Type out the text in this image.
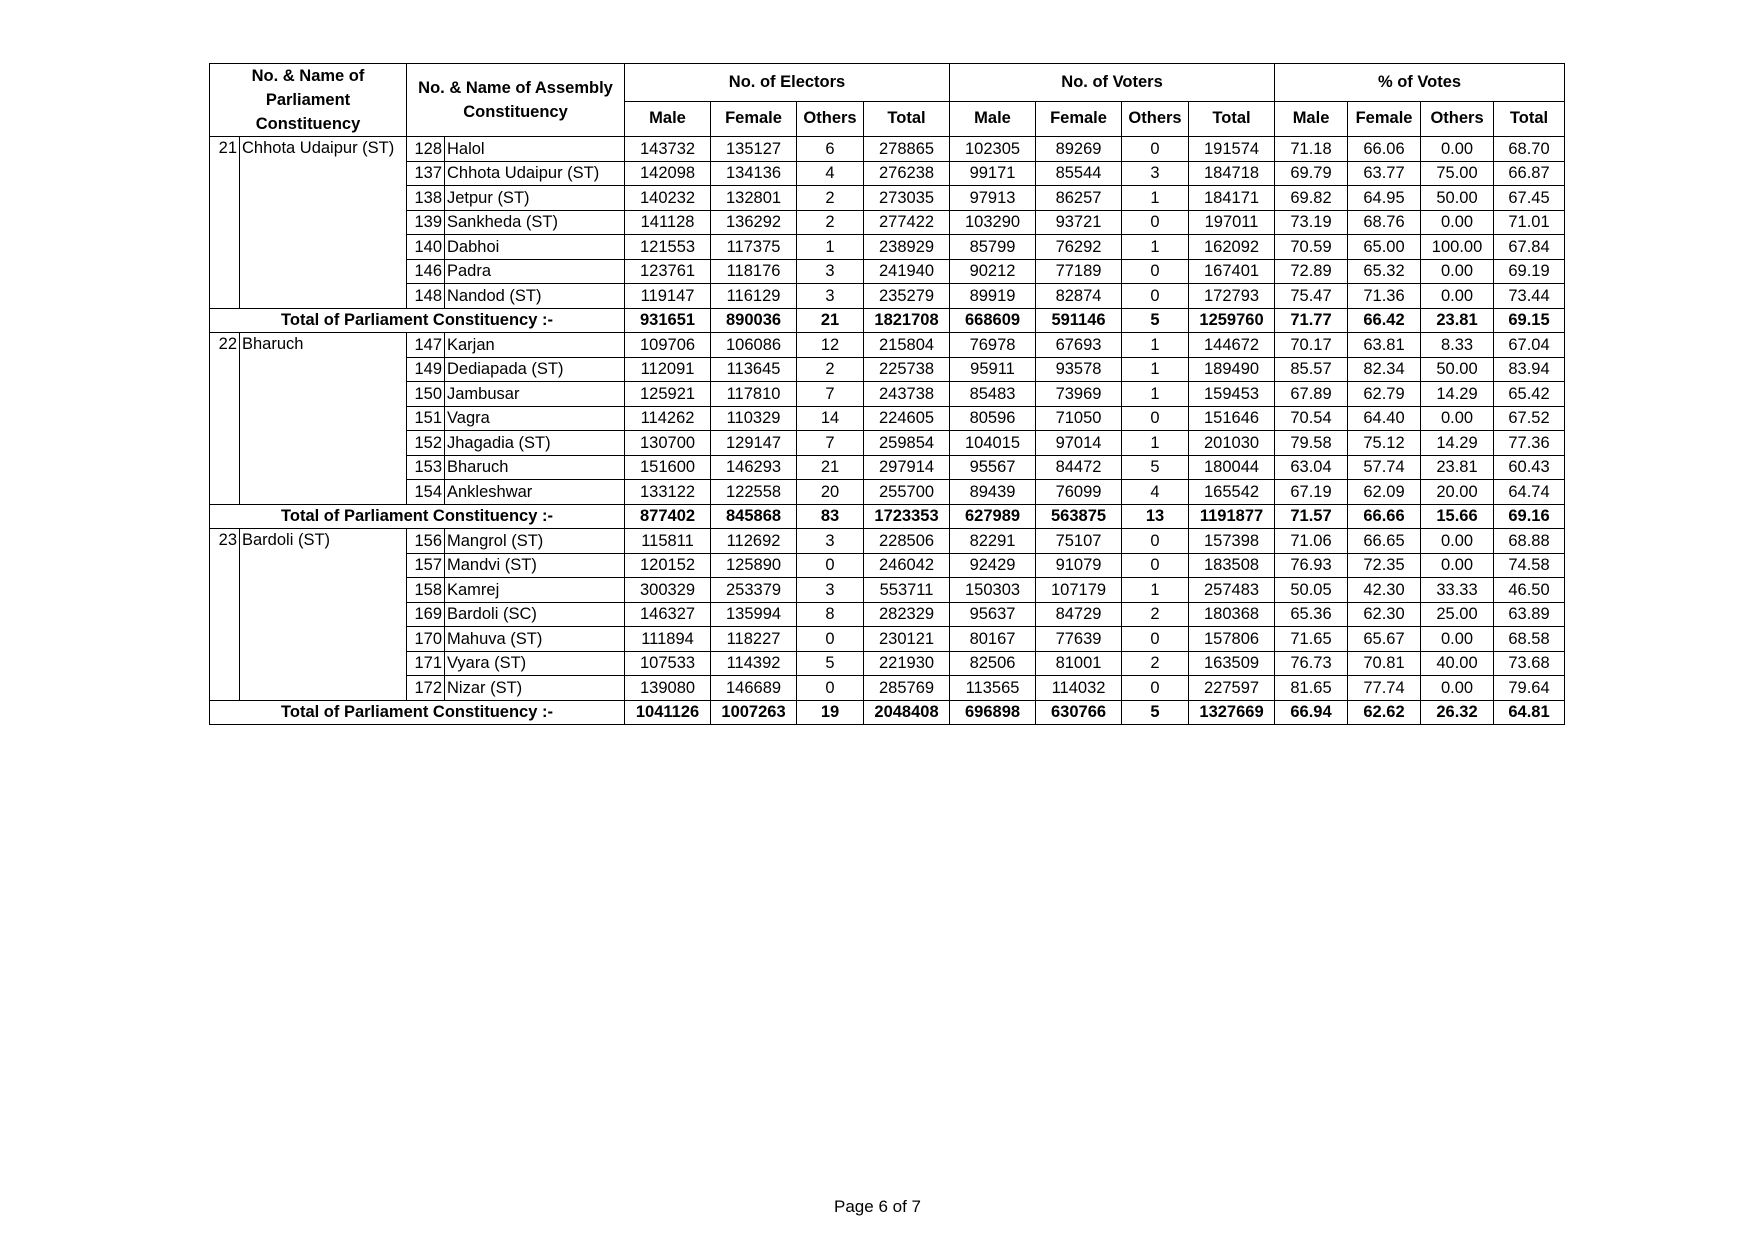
No. & Name of Parliament Constituency		No. & Name of Assembly Constituency		No. of Electors				No. of Voters				% of Votes			
				Male	Female	Others	Total	Male	Female	Others	Total	Male	Female	Others	Total
21	Chhota Udaipur (ST)	128	Halol	143732	135127	6	278865	102305	89269	0	191574	71.18	66.06	0.00	68.70
		137	Chhota Udaipur (ST)	142098	134136	4	276238	99171	85544	3	184718	69.79	63.77	75.00	66.87
		138	Jetpur (ST)	140232	132801	2	273035	97913	86257	1	184171	69.82	64.95	50.00	67.45
		139	Sankheda (ST)	141128	136292	2	277422	103290	93721	0	197011	73.19	68.76	0.00	71.01
		140	Dabhoi	121553	117375	1	238929	85799	76292	1	162092	70.59	65.00	100.00	67.84
		146	Padra	123761	118176	3	241940	90212	77189	0	167401	72.89	65.32	0.00	69.19
		148	Nandod (ST)	119147	116129	3	235279	89919	82874	0	172793	75.47	71.36	0.00	73.44
Total of Parliament Constituency :-				931651	890036	21	1821708	668609	591146	5	1259760	71.77	66.42	23.81	69.15
22	Bharuch	147	Karjan	109706	106086	12	215804	76978	67693	1	144672	70.17	63.81	8.33	67.04
		149	Dediapada (ST)	112091	113645	2	225738	95911	93578	1	189490	85.57	82.34	50.00	83.94
		150	Jambusar	125921	117810	7	243738	85483	73969	1	159453	67.89	62.79	14.29	65.42
		151	Vagra	114262	110329	14	224605	80596	71050	0	151646	70.54	64.40	0.00	67.52
		152	Jhagadia (ST)	130700	129147	7	259854	104015	97014	1	201030	79.58	75.12	14.29	77.36
		153	Bharuch	151600	146293	21	297914	95567	84472	5	180044	63.04	57.74	23.81	60.43
		154	Ankleshwar	133122	122558	20	255700	89439	76099	4	165542	67.19	62.09	20.00	64.74
Total of Parliament Constituency :-				877402	845868	83	1723353	627989	563875	13	1191877	71.57	66.66	15.66	69.16
23	Bardoli (ST)	156	Mangrol (ST)	115811	112692	3	228506	82291	75107	0	157398	71.06	66.65	0.00	68.88
		157	Mandvi (ST)	120152	125890	0	246042	92429	91079	0	183508	76.93	72.35	0.00	74.58
		158	Kamrej	300329	253379	3	553711	150303	107179	1	257483	50.05	42.30	33.33	46.50
		169	Bardoli (SC)	146327	135994	8	282329	95637	84729	2	180368	65.36	62.30	25.00	63.89
		170	Mahuva (ST)	111894	118227	0	230121	80167	77639	0	157806	71.65	65.67	0.00	68.58
		171	Vyara (ST)	107533	114392	5	221930	82506	81001	2	163509	76.73	70.81	40.00	73.68
		172	Nizar (ST)	139080	146689	0	285769	113565	114032	0	227597	81.65	77.74	0.00	79.64
Total of Parliament Constituency :-				1041126	1007263	19	2048408	696898	630766	5	1327669	66.94	62.62	26.32	64.81
Page 6 of 7
